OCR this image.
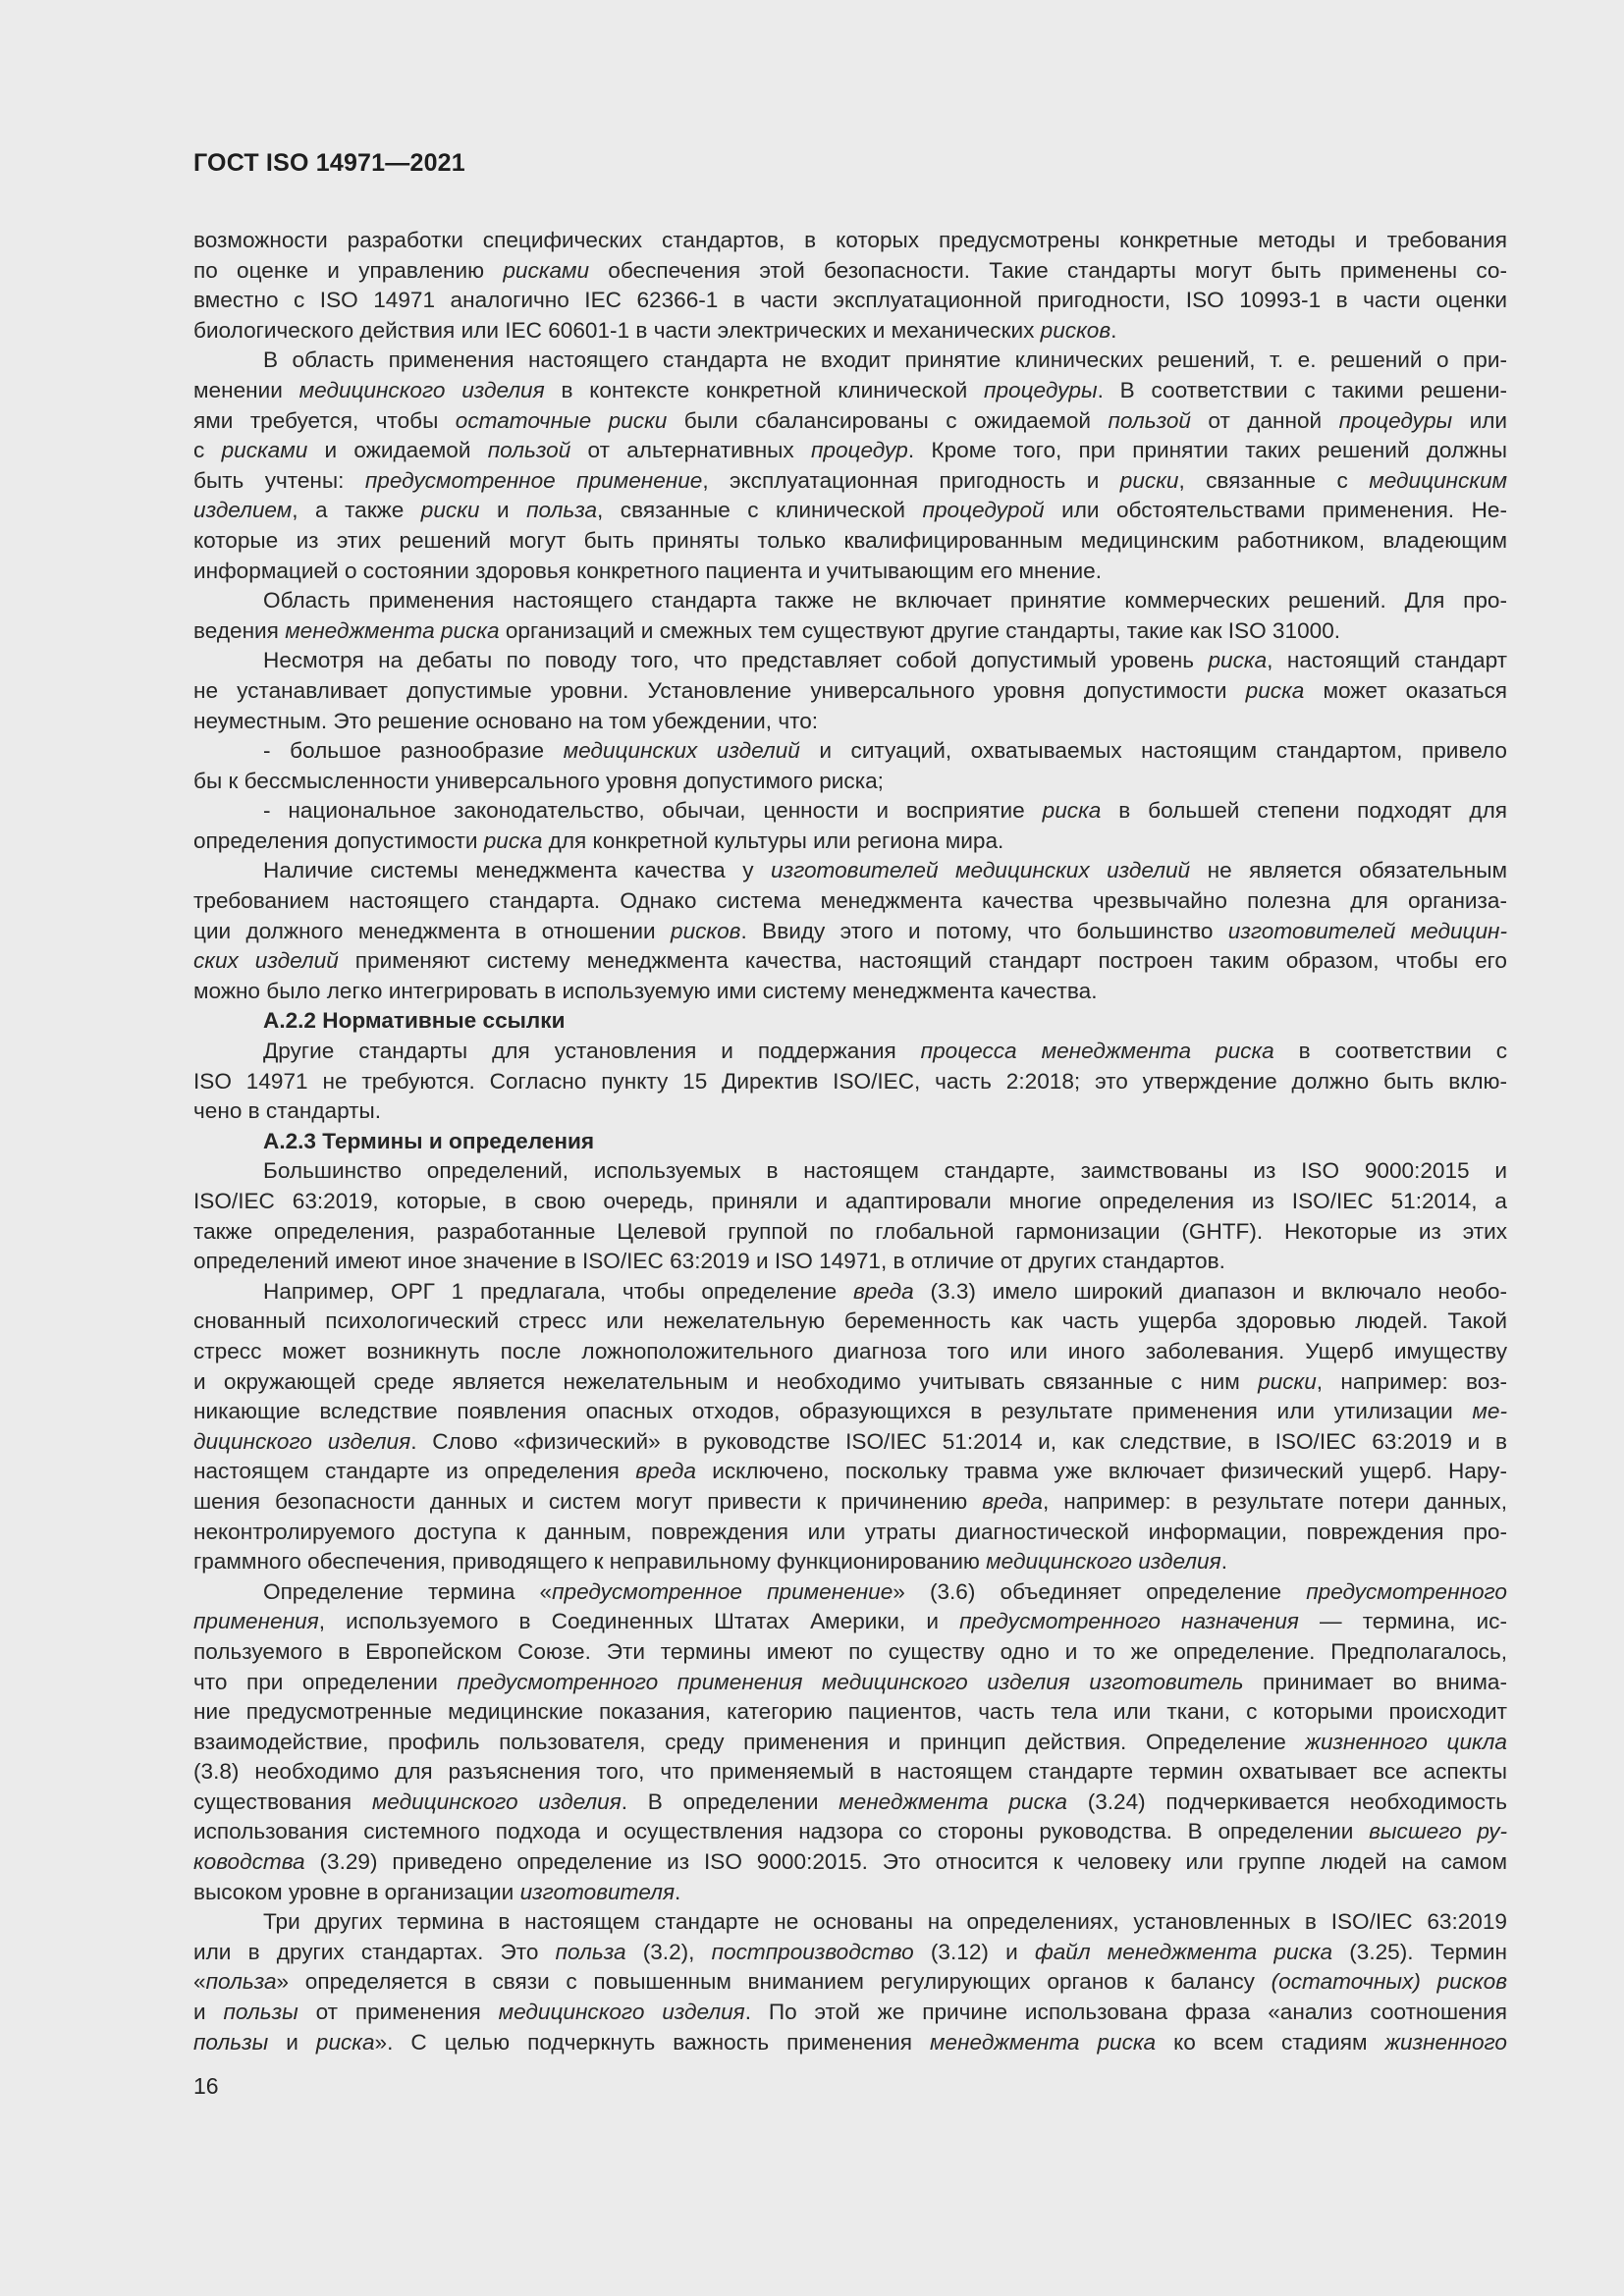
ГОСТ ISO 14971—2021
возможности разработки специфических стандартов, в которых предусмотрены конкретные методы и требования
по оценке и управлению рисками обеспечения этой безопасности. Такие стандарты могут быть применены со-
вместно с ISO 14971 аналогично IEC 62366-1 в части эксплуатационной пригодности, ISO 10993-1 в части оценки
биологического действия или IEC 60601-1 в части электрических и механических рисков.
В область применения настоящего стандарта не входит принятие клинических решений, т. е. решений о при-
менении медицинского изделия в контексте конкретной клинической процедуры. В соответствии с такими решени-
ями требуется, чтобы остаточные риски были сбалансированы с ожидаемой пользой от данной процедуры или
с рисками и ожидаемой пользой от альтернативных процедур. Кроме того, при принятии таких решений должны
быть учтены: предусмотренное применение, эксплуатационная пригодность и риски, связанные с медицинским
изделием, а также риски и польза, связанные с клинической процедурой или обстоятельствами применения. Не-
которые из этих решений могут быть приняты только квалифицированным медицинским работником, владеющим
информацией о состоянии здоровья конкретного пациента и учитывающим его мнение.
Область применения настоящего стандарта также не включает принятие коммерческих решений. Для про-
ведения менеджмента риска организаций и смежных тем существуют другие стандарты, такие как ISO 31000.
Несмотря на дебаты по поводу того, что представляет собой допустимый уровень риска, настоящий стандарт
не устанавливает допустимые уровни. Установление универсального уровня допустимости риска может оказаться
неуместным. Это решение основано на том убеждении, что:
- большое разнообразие медицинских изделий и ситуаций, охватываемых настоящим стандартом, привело
бы к бессмысленности универсального уровня допустимого риска;
- национальное законодательство, обычаи, ценности и восприятие риска в большей степени подходят для
определения допустимости риска для конкретной культуры или региона мира.
Наличие системы менеджмента качества у изготовителей медицинских изделий не является обязательным
требованием настоящего стандарта. Однако система менеджмента качества чрезвычайно полезна для организа-
ции должного менеджмента в отношении рисков. Ввиду этого и потому, что большинство изготовителей медицин-
ских изделий применяют систему менеджмента качества, настоящий стандарт построен таким образом, чтобы его
можно было легко интегрировать в используемую ими систему менеджмента качества.
А.2.2 Нормативные ссылки
Другие стандарты для установления и поддержания процесса менеджмента риска в соответствии с
ISO 14971 не требуются. Согласно пункту 15 Директив ISO/IEC, часть 2:2018; это утверждение должно быть вклю-
чено в стандарты.
А.2.3 Термины и определения
Большинство определений, используемых в настоящем стандарте, заимствованы из ISO 9000:2015 и
ISO/IEC 63:2019, которые, в свою очередь, приняли и адаптировали многие определения из ISO/IEC 51:2014, а
также определения, разработанные Целевой группой по глобальной гармонизации (GHTF). Некоторые из этих
определений имеют иное значение в ISO/IEC 63:2019 и ISO 14971, в отличие от других стандартов.
Например, ОРГ 1 предлагала, чтобы определение вреда (3.3) имело широкий диапазон и включало необо-
снованный психологический стресс или нежелательную беременность как часть ущерба здоровью людей. Такой
стресс может возникнуть после ложноположительного диагноза того или иного заболевания. Ущерб имуществу
и окружающей среде является нежелательным и необходимо учитывать связанные с ним риски, например: воз-
никающие вследствие появления опасных отходов, образующихся в результате применения или утилизации ме-
дицинского изделия. Слово «физический» в руководстве ISO/IEC 51:2014 и, как следствие, в ISO/IEC 63:2019 и в
настоящем стандарте из определения вреда исключено, поскольку травма уже включает физический ущерб. Нару-
шения безопасности данных и систем могут привести к причинению вреда, например: в результате потери данных,
неконтролируемого доступа к данным, повреждения или утраты диагностической информации, повреждения про-
граммного обеспечения, приводящего к неправильному функционированию медицинского изделия.
Определение термина «предусмотренное применение» (3.6) объединяет определение предусмотренного
применения, используемого в Соединенных Штатах Америки, и предусмотренного назначения — термина, ис-
пользуемого в Европейском Союзе. Эти термины имеют по существу одно и то же определение. Предполагалось,
что при определении предусмотренного применения медицинского изделия изготовитель принимает во внима-
ние предусмотренные медицинские показания, категорию пациентов, часть тела или ткани, с которыми происходит
взаимодействие, профиль пользователя, среду применения и принцип действия. Определение жизненного цикла
(3.8) необходимо для разъяснения того, что применяемый в настоящем стандарте термин охватывает все аспекты
существования медицинского изделия. В определении менеджмента риска (3.24) подчеркивается необходимость
использования системного подхода и осуществления надзора со стороны руководства. В определении высшего ру-
ководства (3.29) приведено определение из ISO 9000:2015. Это относится к человеку или группе людей на самом
высоком уровне в организации изготовителя.
Три других термина в настоящем стандарте не основаны на определениях, установленных в ISO/IEC 63:2019
или в других стандартах. Это польза (3.2), постпроизводство (3.12) и файл менеджмента риска (3.25). Термин
«польза» определяется в связи с повышенным вниманием регулирующих органов к балансу (остаточных) рисков
и пользы от применения медицинского изделия. По этой же причине использована фраза «анализ соотношения
пользы и риска». С целью подчеркнуть важность применения менеджмента риска ко всем стадиям жизненного

16
